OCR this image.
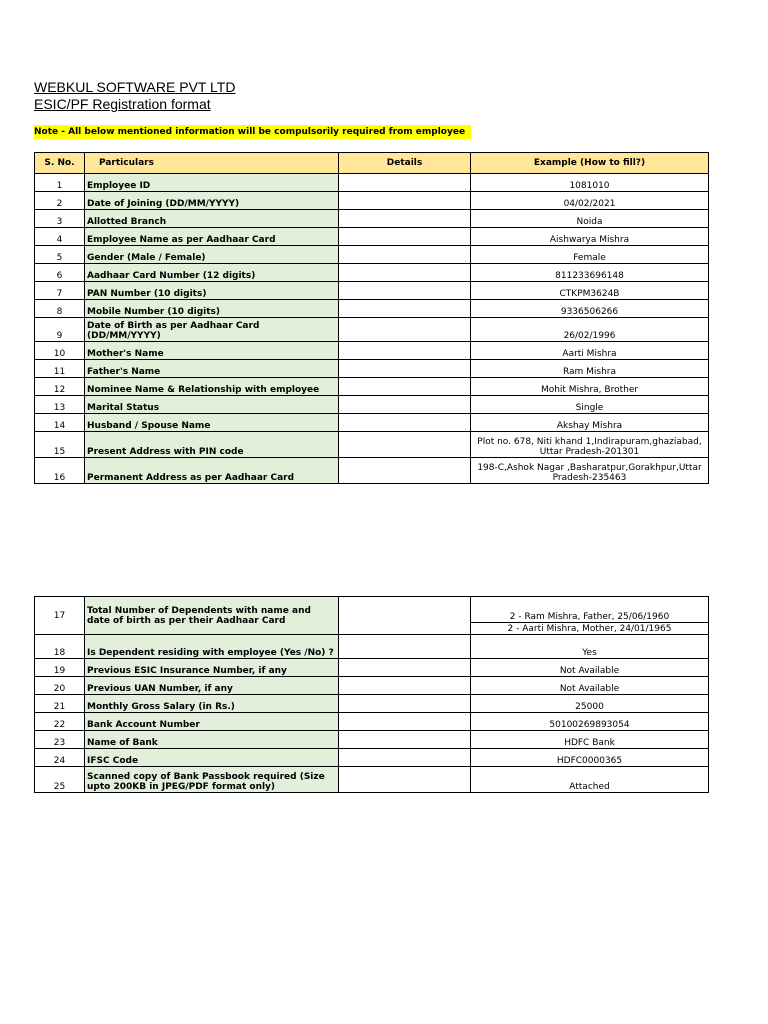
WEBKUL SOFTWARE PVT LTD
ESIC/PF Registration format
Note - All below mentioned information will be compulsorily required from employee
S. No.	Particulars	Details	Example (How to fill?)
1	Employee ID		1081010
2	Date of Joining (DD/MM/YYYY)		04/02/2021
3	Allotted Branch		Noida
4	Employee Name as per Aadhaar Card		Aishwarya Mishra
5	Gender (Male / Female)		Female
6	Aadhaar Card Number (12 digits)		811233696148
7	PAN Number (10 digits)		CTKPM3624B
8	Mobile Number (10 digits)		9336506266
9	Date of Birth as per Aadhaar Card (DD/MM/YYYY)		26/02/1996
10	Mother's Name		Aarti Mishra
11	Father's Name		Ram Mishra
12	Nominee Name & Relationship with employee		Mohit Mishra, Brother
13	Marital Status		Single
14	Husband / Spouse Name		Akshay Mishra
15	Present Address with PIN code		Plot no. 678, Niti khand 1,Indirapuram,ghaziabad, Uttar Pradesh-201301
16	Permanent Address as per Aadhaar Card		198-C,Ashok Nagar ,Basharatpur,Gorakhpur,Uttar Pradesh-235463
17	Total Number of Dependents with name and date of birth as per their Aadhaar Card		2 - Ram Mishra, Father, 25/06/1960
			2 - Aarti Mishra, Mother, 24/01/1965
18	Is Dependent residing with employee (Yes /No) ?		Yes
19	Previous ESIC Insurance Number, if any		Not Available
20	Previous UAN Number, if any		Not Available
21	Monthly Gross Salary (in Rs.)		25000
22	Bank Account Number		50100269893054
23	Name of Bank		HDFC Bank
24	IFSC Code		HDFC0000365
25	Scanned copy of Bank Passbook required (Size upto 200KB in JPEG/PDF format only)		Attached
